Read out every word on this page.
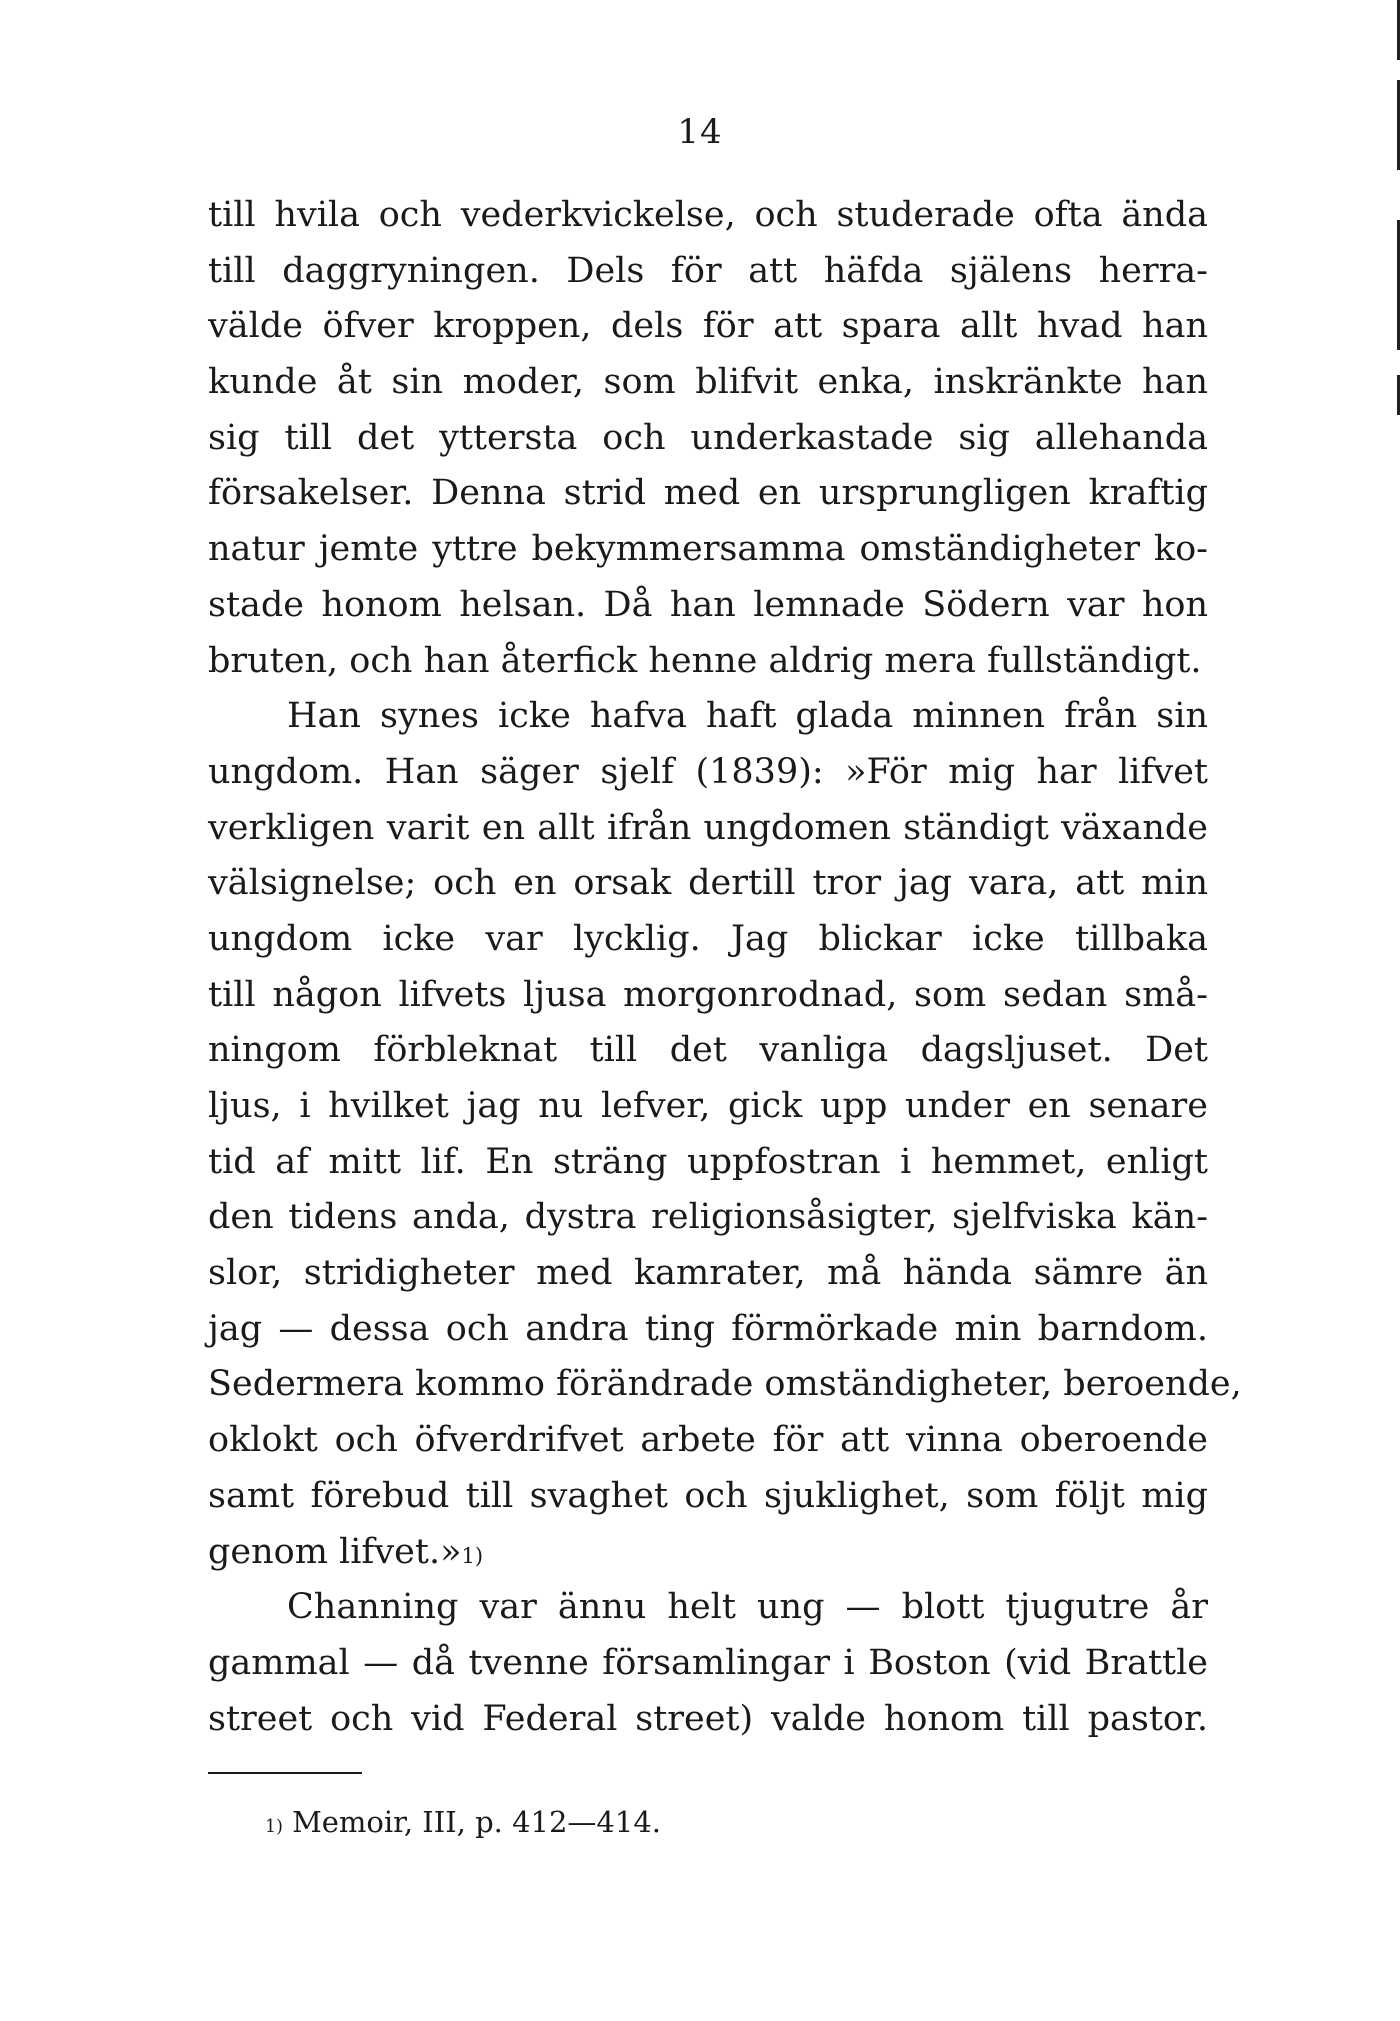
14
till hvila och vederkvickelse, och studerade ofta ända
till daggryningen. Dels för att häfda själens herra-
välde öfver kroppen, dels för att spara allt hvad han
kunde åt sin moder, som blifvit enka, inskränkte han
sig till det yttersta och underkastade sig allehanda
försakelser. Denna strid med en ursprungligen kraftig
natur jemte yttre bekymmersamma omständigheter ko-
stade honom helsan. Då han lemnade Södern var hon
bruten, och han återfick henne aldrig mera fullständigt.
Han synes icke hafva haft glada minnen från sin
ungdom. Han säger sjelf (1839): »För mig har lifvet
verkligen varit en allt ifrån ungdomen ständigt växande
välsignelse; och en orsak dertill tror jag vara, att min
ungdom icke var lycklig. Jag blickar icke tillbaka
till någon lifvets ljusa morgonrodnad, som sedan små-
ningom förbleknat till det vanliga dagsljuset. Det
ljus, i hvilket jag nu lefver, gick upp under en senare
tid af mitt lif. En sträng uppfostran i hemmet, enligt
den tidens anda, dystra religionsåsigter, sjelfviska kän-
slor, stridigheter med kamrater, må hända sämre än
jag — dessa och andra ting förmörkade min barndom.
Sedermera kommo förändrade omständigheter, beroende,
oklokt och öfverdrifvet arbete för att vinna oberoende
samt förebud till svaghet och sjuklighet, som följt mig
genom lifvet.»$^{1)}$
Channing var ännu helt ung — blott tjugutre år
gammal — då tvenne församlingar i Boston (vid Brattle
street och vid Federal street) valde honom till pastor.
$^{1)}$ Memoir, III, p. 412—414.
